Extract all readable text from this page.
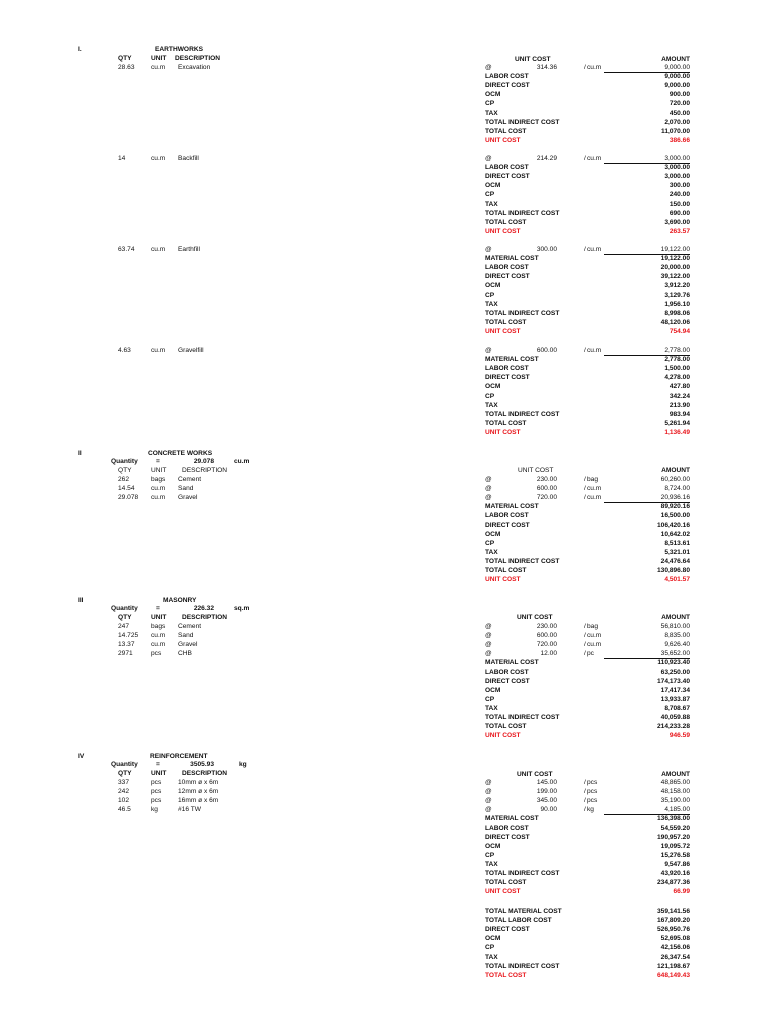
I.	EARTHWORKS
QTY	UNIT DESCRIPTION	UNIT COST	AMOUNT
28.63 cu.m Excavation	@	314.36	/ cu.m	9,000.00
LABOR COST	9,000.00
DIRECT COST	9,000.00
OCM	900.00
CP	720.00
TAX	450.00
TOTAL INDIRECT COST	2,070.00
TOTAL COST	11,070.00
UNIT COST	386.66
14	cu.m Backfill	@	214.29	/ cu.m	3,000.00
LABOR COST	3,000.00
DIRECT COST	3,000.00
OCM	300.00
CP	240.00
TAX	150.00
TOTAL INDIRECT COST	690.00
TOTAL COST	3,690.00
UNIT COST	263.57
63.74 cu.m Earthfill	@	300.00	/ cu.m	19,122.00
MATERIAL COST	19,122.00
LABOR COST	20,000.00
DIRECT COST	39,122.00
OCM	3,912.20
CP	3,129.76
TAX	1,956.10
TOTAL INDIRECT COST	8,998.06
TOTAL COST	48,120.06
UNIT COST	754.94
4.63	cu.m Gravelfill	@	600.00	/ cu.m	2,778.00
MATERIAL COST	2,778.00
LABOR COST	1,500.00
DIRECT COST	4,278.00
OCM	427.80
CP	342.24
TAX	213.90
TOTAL INDIRECT COST	983.94
TOTAL COST	5,261.94
UNIT COST	1,136.49
II	CONCRETE WORKS
Quantity	=	29.078	cu.m
QTY	UNIT DESCRIPTION	UNIT COST	AMOUNT
262	bags Cement	@	230.00	/ bag	60,260.00
14.54 cu.m Sand	@	600.00	/ cu.m	8,724.00
29.078 cu.m Gravel	@	720.00	/ cu.m	20,936.16
MATERIAL COST	89,920.16
LABOR COST	16,500.00
DIRECT COST	106,420.16
OCM	10,642.02
CP	8,513.61
TAX	5,321.01
TOTAL INDIRECT COST	24,476.64
TOTAL COST	130,896.80
UNIT COST	4,501.57
III	MASONRY
Quantity	=	226.32	sq.m
QTY	UNIT DESCRIPTION	UNIT COST	AMOUNT
247	bags Cement	@	230.00	/ bag	56,810.00
14.725 cu.m Sand	@	600.00	/ cu.m	8,835.00
13.37 cu.m Gravel	@	720.00	/ cu.m	9,626.40
2971	pcs	CHB	@	12.00	/ pc	35,652.00
MATERIAL COST	110,923.40
LABOR COST	63,250.00
DIRECT COST	174,173.40
OCM	17,417.34
CP	13,933.87
TAX	8,708.67
TOTAL INDIRECT COST	40,059.88
TOTAL COST	214,233.28
UNIT COST	946.59
IV	REINFORCEMENT
Quantity	=	3505.93	kg
QTY	UNIT DESCRIPTION	UNIT COST	AMOUNT
337	pcs	10mm ø x 6m	@	145.00	/ pcs	48,865.00
242	pcs	12mm ø x 6m	@	199.00	/ pcs	48,158.00
102	pcs	16mm ø x 6m	@	345.00	/ pcs	35,190.00
46.5	kg	#16 TW	@	90.00	/ kg	4,185.00
MATERIAL COST	136,398.00
LABOR COST	54,559.20
DIRECT COST	190,957.20
OCM	19,095.72
CP	15,276.58
TAX	9,547.86
TOTAL INDIRECT COST	43,920.16
TOTAL COST	234,877.36
UNIT COST	66.99
TOTAL MATERIAL COST	359,141.56
TOTAL LABOR COST	167,809.20
DIRECT COST	526,950.76
OCM	52,695.08
CP	42,156.06
TAX	26,347.54
TOTAL INDIRECT COST	121,198.67
TOTAL COST	648,149.43
